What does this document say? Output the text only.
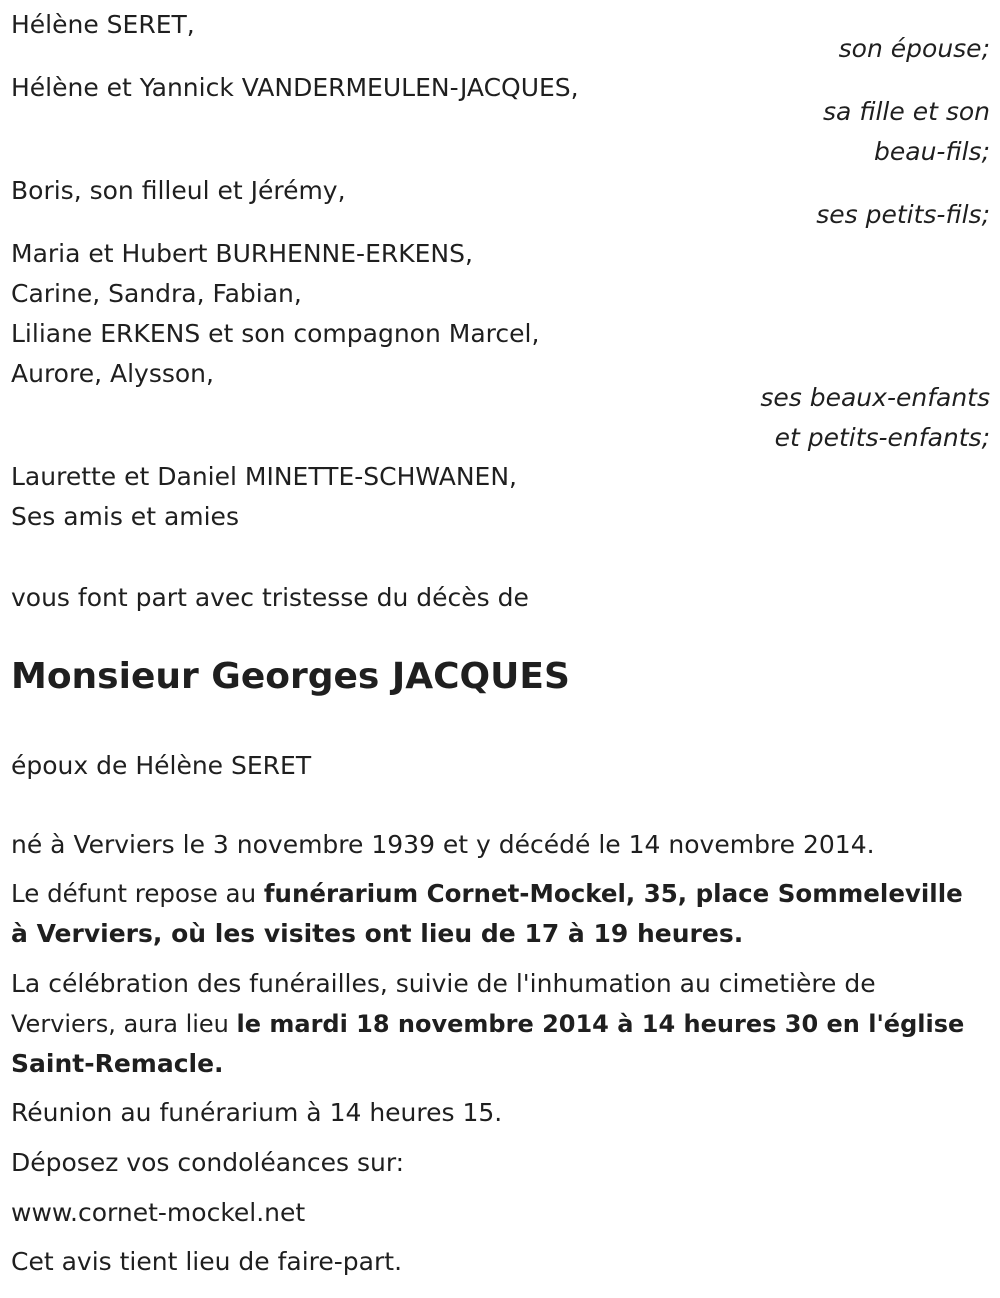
Hélène SERET,
son épouse;
Hélène et Yannick VANDERMEULEN-JACQUES,
sa fille et son
beau-fils;
Boris, son filleul et Jérémy,
ses petits-fils;
Maria et Hubert BURHENNE-ERKENS,
Carine, Sandra, Fabian,
Liliane ERKENS et son compagnon Marcel,
Aurore, Alysson,
ses beaux-enfants
et petits-enfants;
Laurette et Daniel MINETTE-SCHWANEN,
Ses amis et amies
vous font part avec tristesse du décès de
Monsieur Georges JACQUES
époux de Hélène SERET
né à Verviers le 3 novembre 1939 et y décédé le 14 novembre 2014.
Le défunt repose au funérarium Cornet-Mockel, 35, place Sommeleville
à Verviers, où les visites ont lieu de 17 à 19 heures.
La célébration des funérailles, suivie de l'inhumation au cimetière de
Verviers, aura lieu le mardi 18 novembre 2014 à 14 heures 30 en l'église
Saint-Remacle.
Réunion au funérarium à 14 heures 15.
Déposez vos condoléances sur:
www.cornet-mockel.net
Cet avis tient lieu de faire-part.
